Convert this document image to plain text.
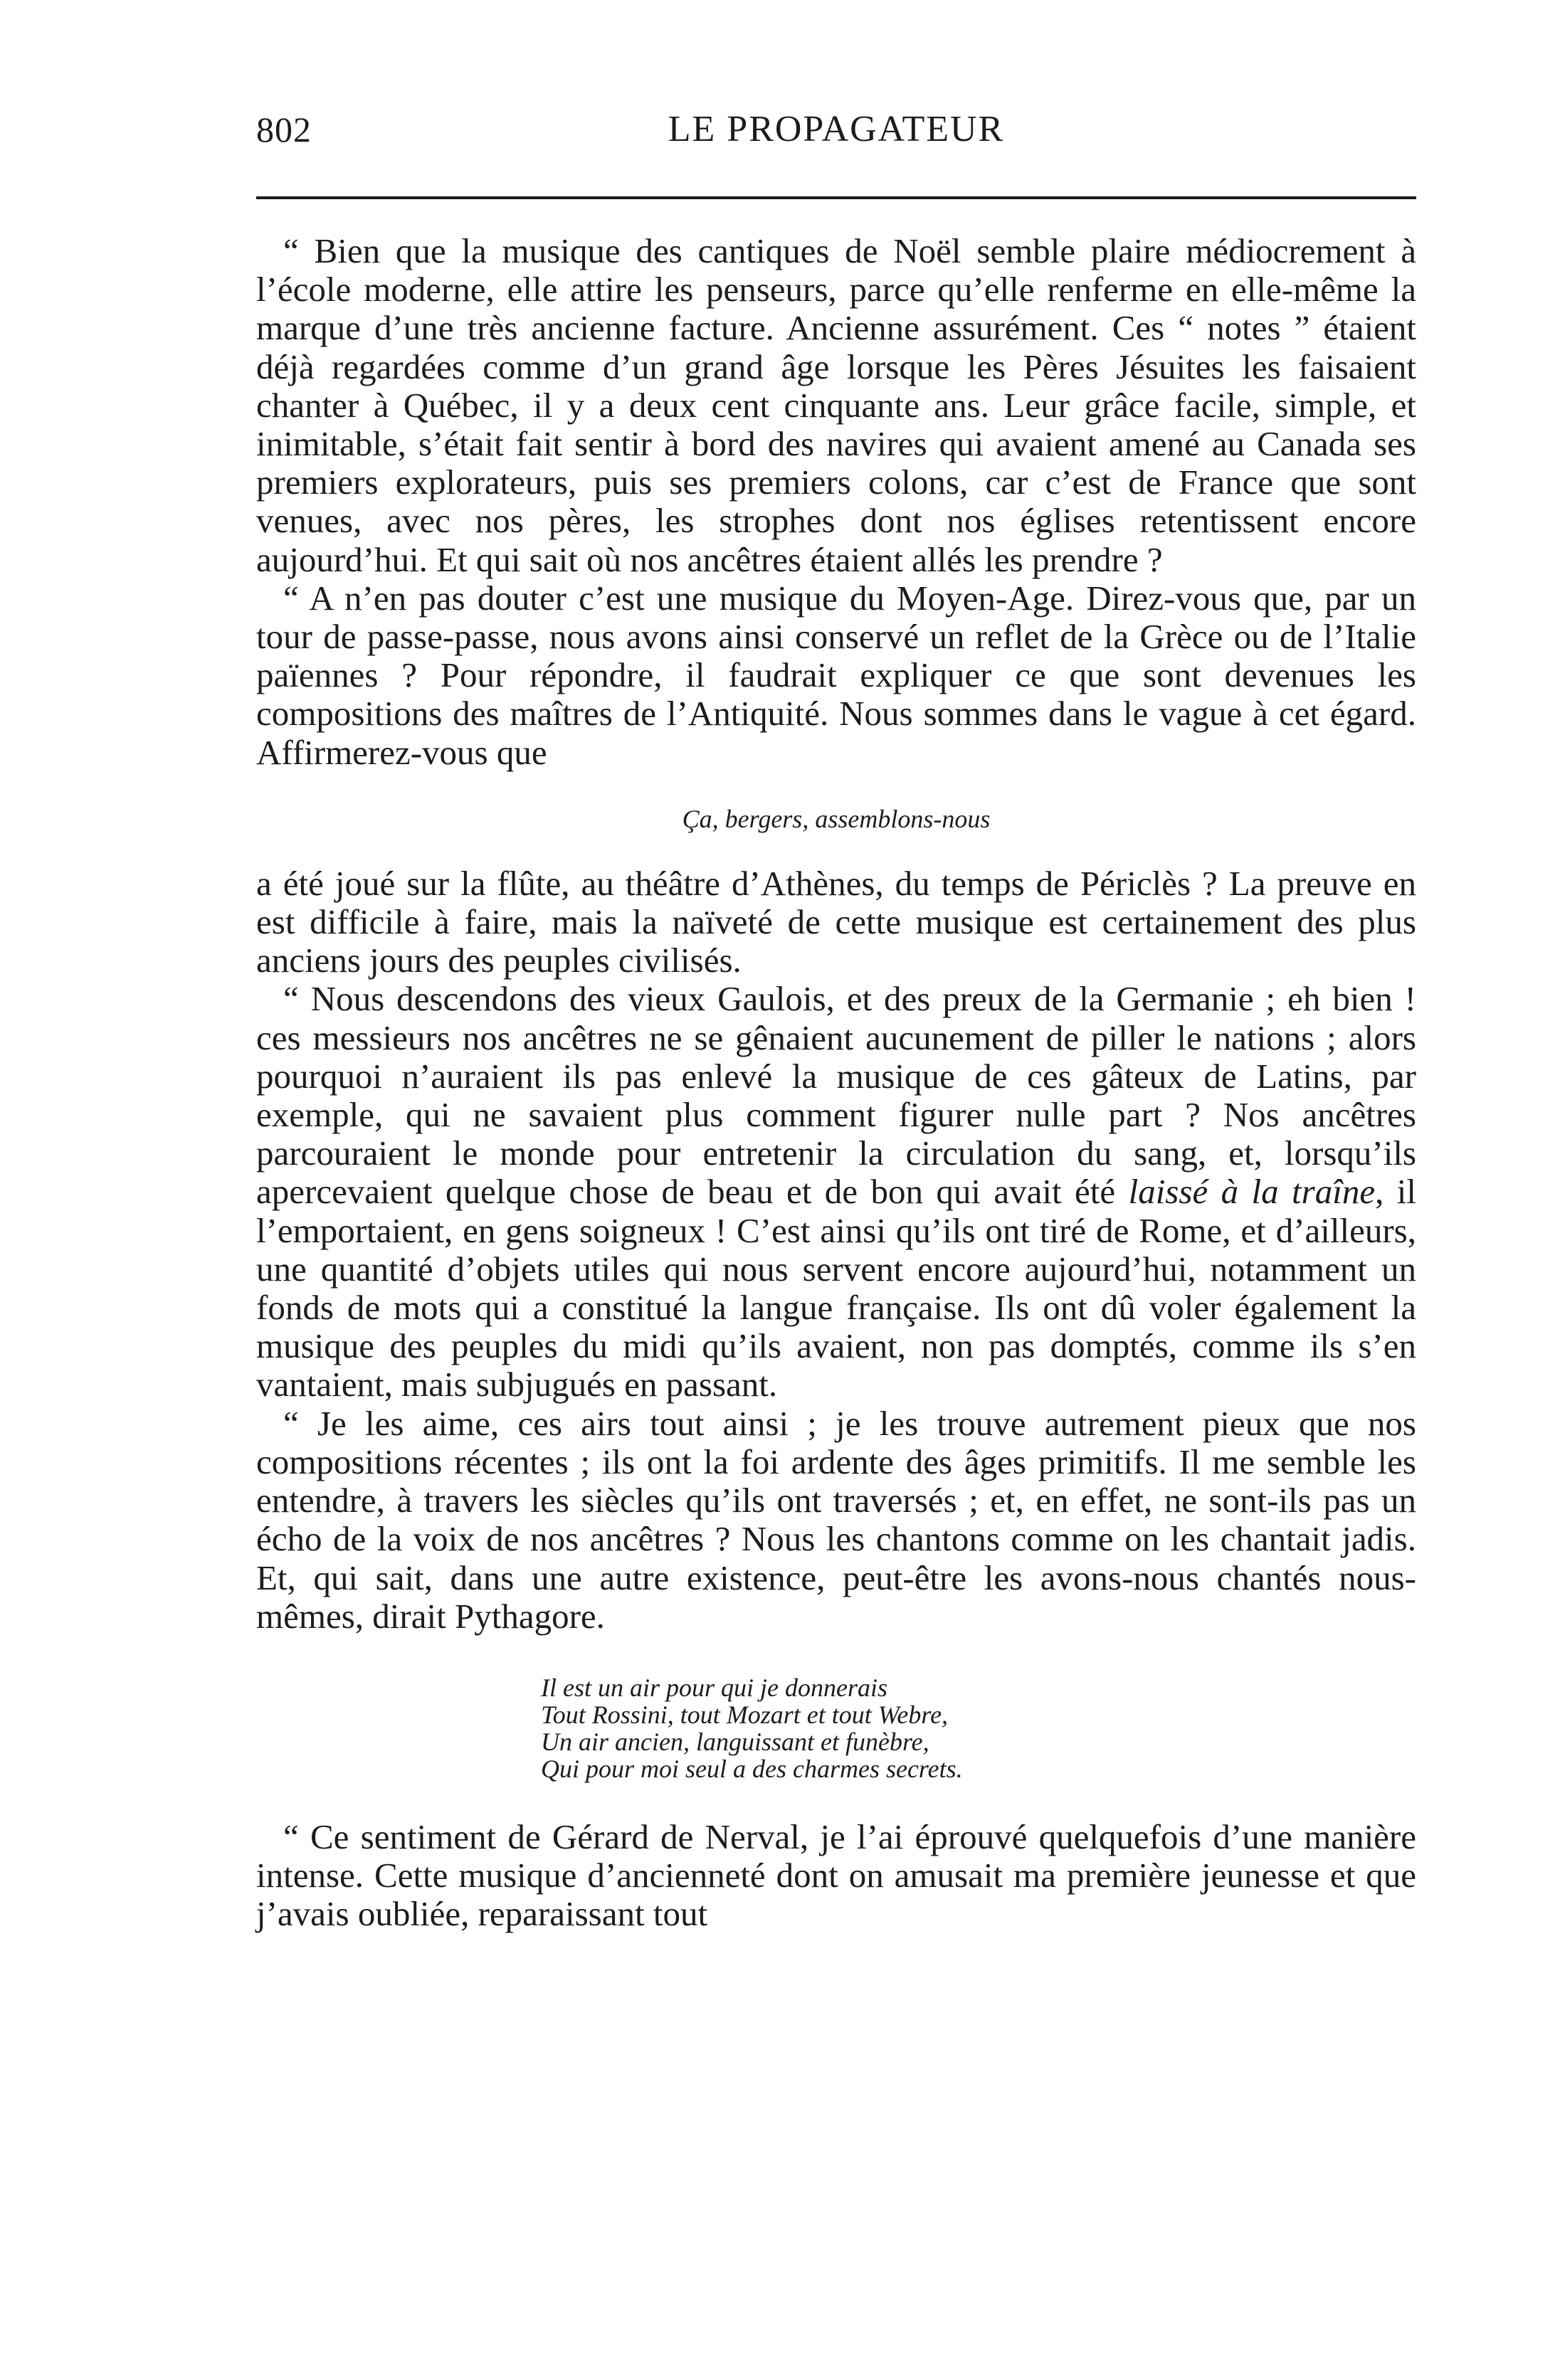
802	LE PROPAGATEUR

“ Bien que la musique des cantiques de Noël semble plaire médiocrement à l’école moderne, elle attire les penseurs, parce qu’elle renferme en elle-même la marque d’une très ancienne facture. Ancienne assurément. Ces “ notes ” étaient déjà regardées comme d’un grand âge lorsque les Pères Jésuites les faisaient chanter à Québec, il y a deux cent cinquante ans. Leur grâce facile, simple, et inimitable, s’était fait sentir à bord des navires qui avaient amené au Canada ses premiers explorateurs, puis ses premiers colons, car c’est de France que sont venues, avec nos pères, les strophes dont nos églises retentissent encore aujourd’hui. Et qui sait où nos ancêtres étaient allés les prendre ?

“ A n’en pas douter c’est une musique du Moyen-Age. Direz-vous que, par un tour de passe-passe, nous avons ainsi conservé un reflet de la Grèce ou de l’Italie païennes ? Pour répondre, il faudrait expliquer ce que sont devenues les compositions des maîtres de l’Antiquité. Nous sommes dans le vague à cet égard. Affirmerez-vous que

Ça, bergers, assemblons-nous

a été joué sur la flûte, au théâtre d’Athènes, du temps de Périclès ? La preuve en est difficile à faire, mais la naïveté de cette musique est certainement des plus anciens jours des peuples civilisés.

“ Nous descendons des vieux Gaulois, et des preux de la Germanie ; eh bien ! ces messieurs nos ancêtres ne se gênaient aucunement de piller le nations ; alors pourquoi n’auraient ils pas enlevé la musique de ces gâteux de Latins, par exemple, qui ne savaient plus comment figurer nulle part ? Nos ancêtres parcouraient le monde pour entretenir la circulation du sang, et, lorsqu’ils apercevaient quelque chose de beau et de bon qui avait été laissé à la traîne, il l’emportaient, en gens soigneux ! C’est ainsi qu’ils ont tiré de Rome, et d’ailleurs, une quantité d’objets utiles qui nous servent encore aujourd’hui, notamment un fonds de mots qui a constitué la langue française. Ils ont dû voler également la musique des peuples du midi qu’ils avaient, non pas domptés, comme ils s’en vantaient, mais subjugués en passant.

“ Je les aime, ces airs tout ainsi ; je les trouve autrement pieux que nos compositions récentes ; ils ont la foi ardente des âges primitifs. Il me semble les entendre, à travers les siècles qu’ils ont traversés ; et, en effet, ne sont-ils pas un écho de la voix de nos ancêtres ? Nous les chantons comme on les chantait jadis. Et, qui sait, dans une autre existence, peut-être les avons-nous chantés nous-mêmes, dirait Pythagore.

Il est un air pour qui je donnerais
Tout Rossini, tout Mozart et tout Webre,
Un air ancien, languissant et funèbre,
Qui pour moi seul a des charmes secrets.

“ Ce sentiment de Gérard de Nerval, je l’ai éprouvé quelquefois d’une manière intense. Cette musique d’ancienneté dont on amusait ma première jeunesse et que j’avais oubliée, reparaissant tout
